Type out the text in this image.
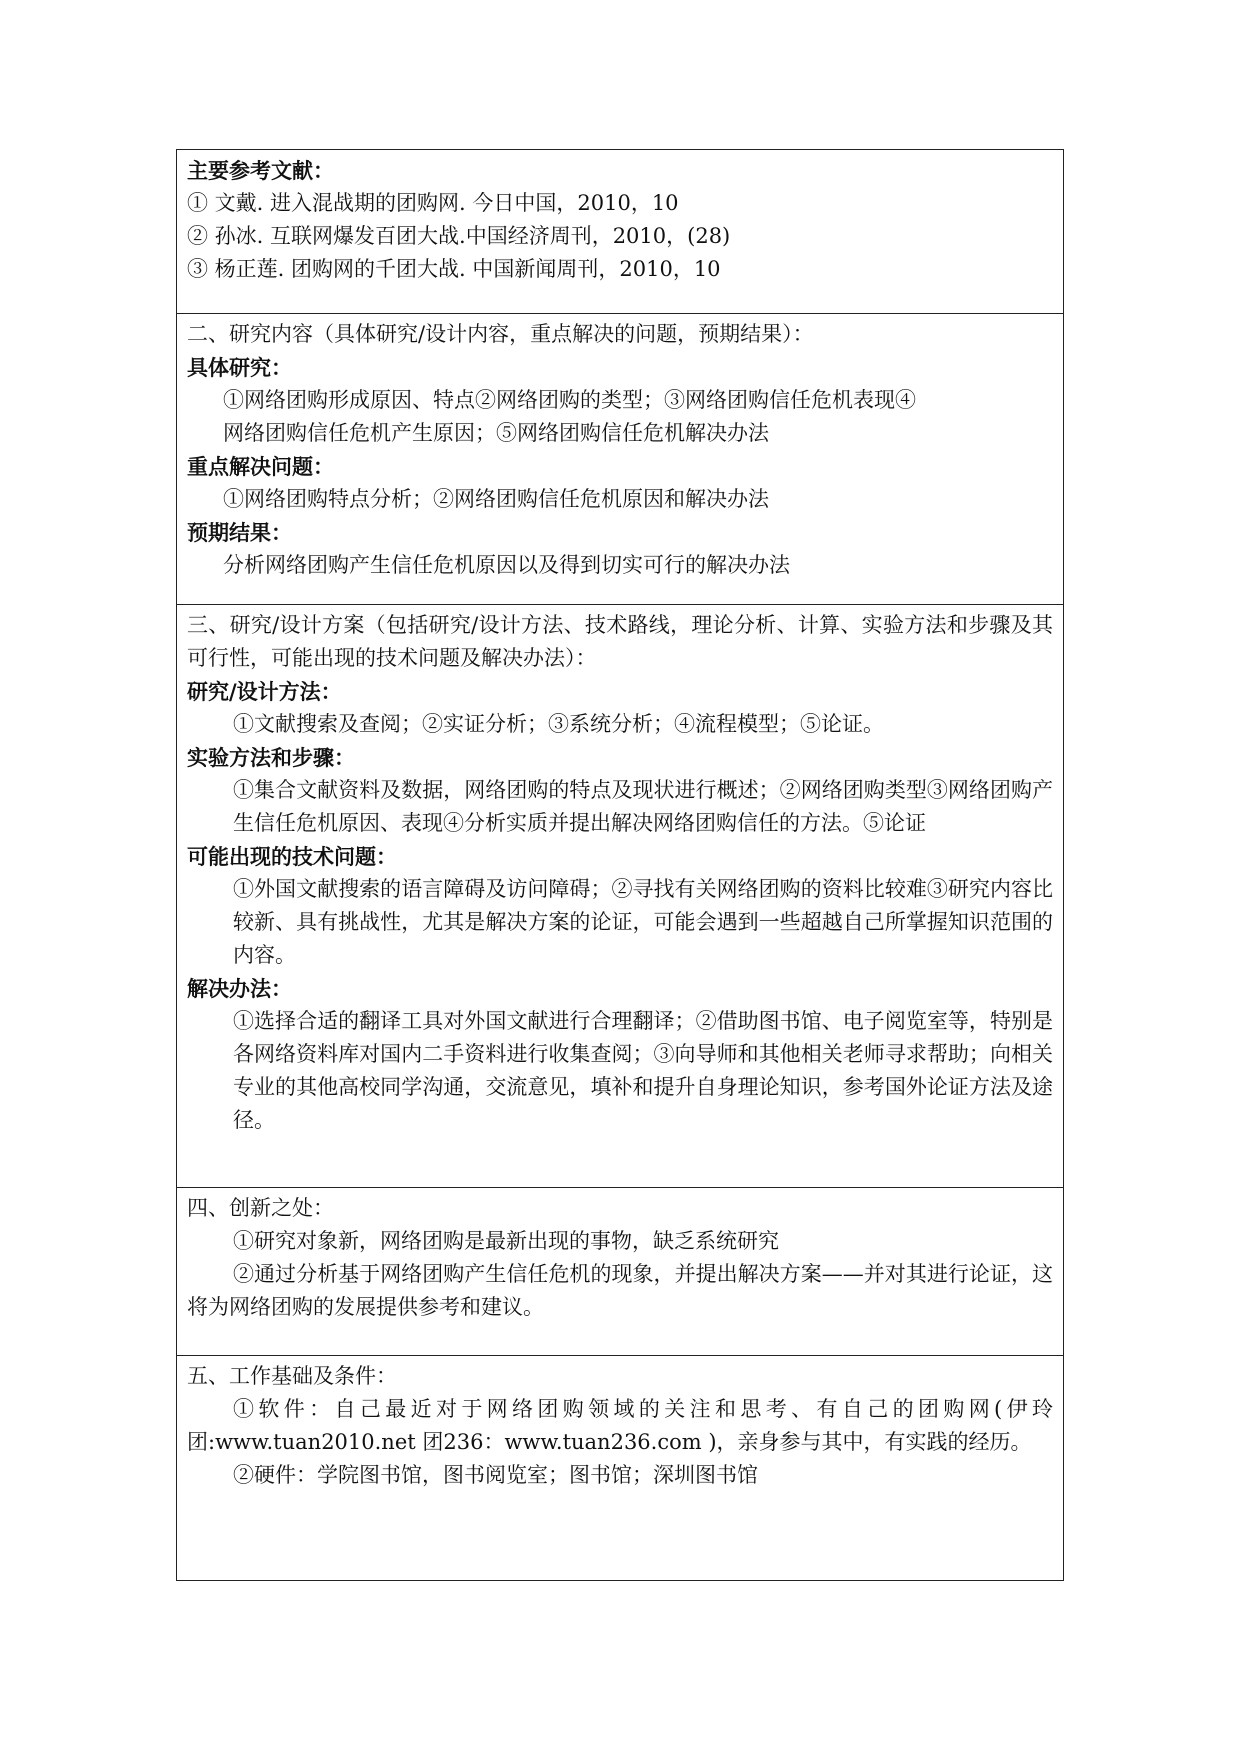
主要参考文献：
① 文戴. 进入混战期的团购网. 今日中国，2010，10
② 孙冰. 互联网爆发百团大战.中国经济周刊，2010，(28)
③ 杨正莲. 团购网的千团大战. 中国新闻周刊，2010，10
二、研究内容（具体研究/设计内容，重点解决的问题，预期结果）：
具体研究：
①网络团购形成原因、特点②网络团购的类型；③网络团购信任危机表现④
网络团购信任危机产生原因；⑤网络团购信任危机解决办法
重点解决问题：
①网络团购特点分析；②网络团购信任危机原因和解决办法
预期结果：
分析网络团购产生信任危机原因以及得到切实可行的解决办法
三、研究/设计方案（包括研究/设计方法、技术路线，理论分析、计算、实验方法和步骤及其可行性，可能出现的技术问题及解决办法）：
研究/设计方法：
①文献搜索及查阅；②实证分析；③系统分析；④流程模型；⑤论证。
实验方法和步骤：
①集合文献资料及数据，网络团购的特点及现状进行概述；②网络团购类型③网络团购产生信任危机原因、表现④分析实质并提出解决网络团购信任的方法。⑤论证
可能出现的技术问题：
①外国文献搜索的语言障碍及访问障碍；②寻找有关网络团购的资料比较难③研究内容比较新、具有挑战性，尤其是解决方案的论证，可能会遇到一些超越自己所掌握知识范围的内容。
解决办法：
①选择合适的翻译工具对外国文献进行合理翻译；②借助图书馆、电子阅览室等，特别是各网络资料库对国内二手资料进行收集查阅；③向导师和其他相关老师寻求帮助；向相关专业的其他高校同学沟通，交流意见，填补和提升自身理论知识，参考国外论证方法及途径。
四、创新之处：
①研究对象新，网络团购是最新出现的事物，缺乏系统研究
②通过分析基于网络团购产生信任危机的现象，并提出解决方案——并对其进行论证，这将为网络团购的发展提供参考和建议。
五、工作基础及条件：
①软件：自己最近对于网络团购领域的关注和思考、有自己的团购网(伊玲团:www.tuan2010.net 团236：www.tuan236.com )，亲身参与其中，有实践的经历。
②硬件：学院图书馆，图书阅览室；图书馆；深圳图书馆
